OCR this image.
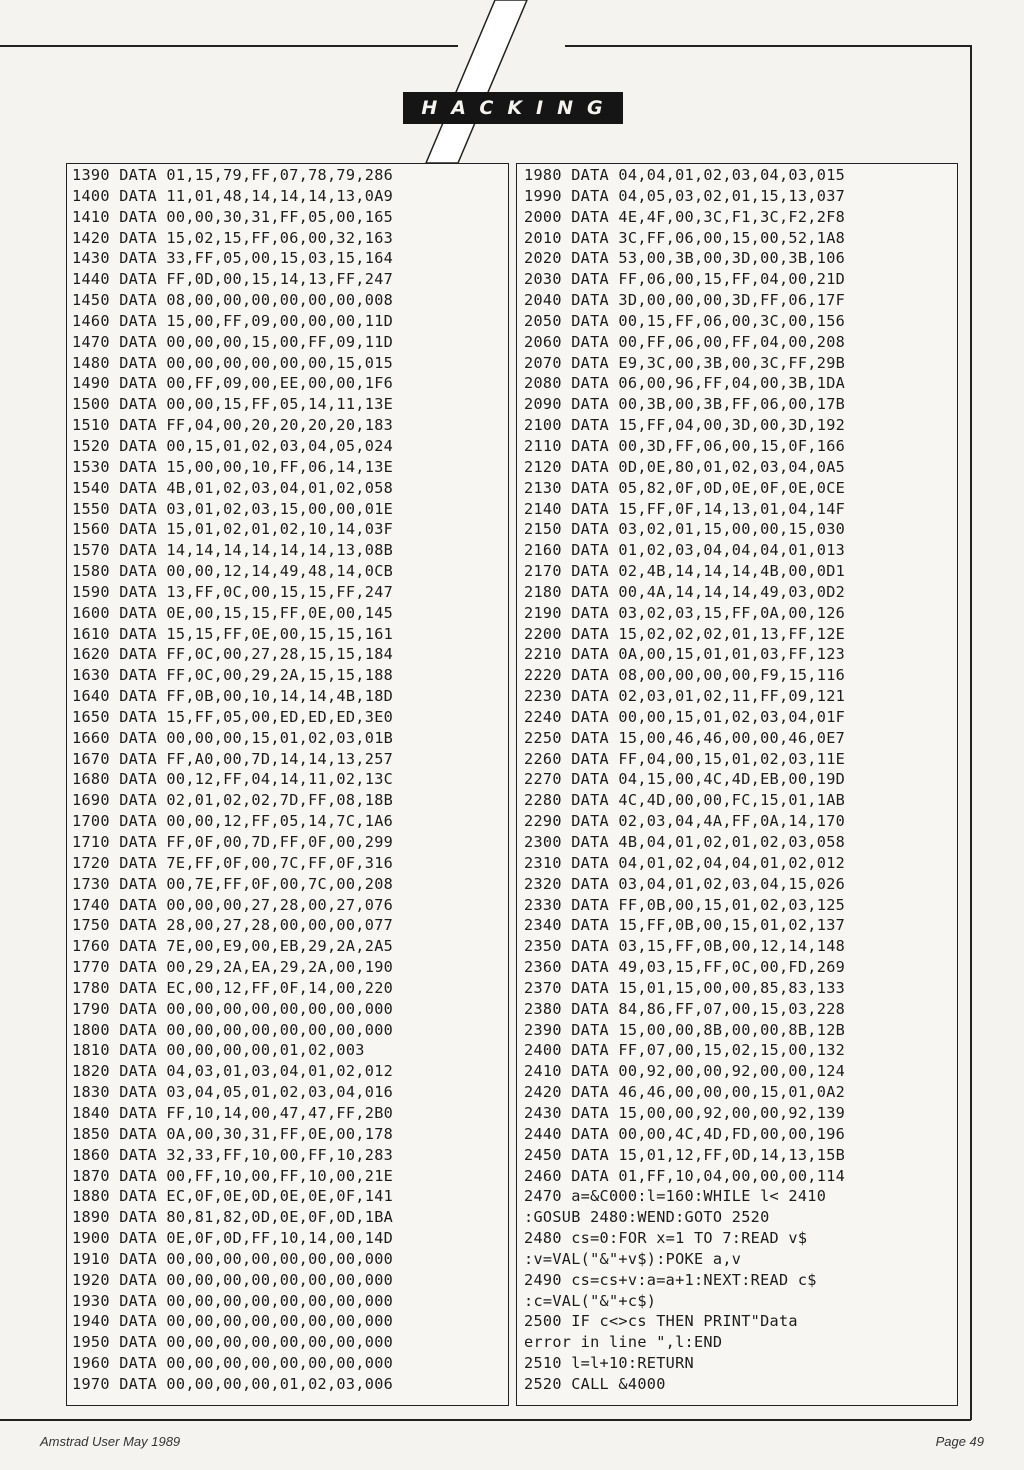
HACKING
1390 DATA 01,15,79,FF,07,78,79,286
1400 DATA 11,01,48,14,14,14,13,0A9
1410 DATA 00,00,30,31,FF,05,00,165
1420 DATA 15,02,15,FF,06,00,32,163
1430 DATA 33,FF,05,00,15,03,15,164
1440 DATA FF,0D,00,15,14,13,FF,247
1450 DATA 08,00,00,00,00,00,00,008
1460 DATA 15,00,FF,09,00,00,00,11D
1470 DATA 00,00,00,15,00,FF,09,11D
1480 DATA 00,00,00,00,00,00,15,015
1490 DATA 00,FF,09,00,EE,00,00,1F6
1500 DATA 00,00,15,FF,05,14,11,13E
1510 DATA FF,04,00,20,20,20,20,183
1520 DATA 00,15,01,02,03,04,05,024
1530 DATA 15,00,00,10,FF,06,14,13E
1540 DATA 4B,01,02,03,04,01,02,058
1550 DATA 03,01,02,03,15,00,00,01E
1560 DATA 15,01,02,01,02,10,14,03F
1570 DATA 14,14,14,14,14,14,13,08B
1580 DATA 00,00,12,14,49,48,14,0CB
1590 DATA 13,FF,0C,00,15,15,FF,247
1600 DATA 0E,00,15,15,FF,0E,00,145
1610 DATA 15,15,FF,0E,00,15,15,161
1620 DATA FF,0C,00,27,28,15,15,184
1630 DATA FF,0C,00,29,2A,15,15,188
1640 DATA FF,0B,00,10,14,14,4B,18D
1650 DATA 15,FF,05,00,ED,ED,ED,3E0
1660 DATA 00,00,00,15,01,02,03,01B
1670 DATA FF,A0,00,7D,14,14,13,257
1680 DATA 00,12,FF,04,14,11,02,13C
1690 DATA 02,01,02,02,7D,FF,08,18B
1700 DATA 00,00,12,FF,05,14,7C,1A6
1710 DATA FF,0F,00,7D,FF,0F,00,299
1720 DATA 7E,FF,0F,00,7C,FF,0F,316
1730 DATA 00,7E,FF,0F,00,7C,00,208
1740 DATA 00,00,00,27,28,00,27,076
1750 DATA 28,00,27,28,00,00,00,077
1760 DATA 7E,00,E9,00,EB,29,2A,2A5
1770 DATA 00,29,2A,EA,29,2A,00,190
1780 DATA EC,00,12,FF,0F,14,00,220
1790 DATA 00,00,00,00,00,00,00,000
1800 DATA 00,00,00,00,00,00,00,000
1810 DATA 00,00,00,00,01,02,003
1820 DATA 04,03,01,03,04,01,02,012
1830 DATA 03,04,05,01,02,03,04,016
1840 DATA FF,10,14,00,47,47,FF,2B0
1850 DATA 0A,00,30,31,FF,0E,00,178
1860 DATA 32,33,FF,10,00,FF,10,283
1870 DATA 00,FF,10,00,FF,10,00,21E
1880 DATA EC,0F,0E,0D,0E,0E,0F,141
1890 DATA 80,81,82,0D,0E,0F,0D,1BA
1900 DATA 0E,0F,0D,FF,10,14,00,14D
1910 DATA 00,00,00,00,00,00,00,000
1920 DATA 00,00,00,00,00,00,00,000
1930 DATA 00,00,00,00,00,00,00,000
1940 DATA 00,00,00,00,00,00,00,000
1950 DATA 00,00,00,00,00,00,00,000
1960 DATA 00,00,00,00,00,00,00,000
1970 DATA 00,00,00,00,01,02,03,006
1980 DATA 04,04,01,02,03,04,03,015
1990 DATA 04,05,03,02,01,15,13,037
2000 DATA 4E,4F,00,3C,F1,3C,F2,2F8
2010 DATA 3C,FF,06,00,15,00,52,1A8
2020 DATA 53,00,3B,00,3D,00,3B,106
2030 DATA FF,06,00,15,FF,04,00,21D
2040 DATA 3D,00,00,00,3D,FF,06,17F
2050 DATA 00,15,FF,06,00,3C,00,156
2060 DATA 00,FF,06,00,FF,04,00,208
2070 DATA E9,3C,00,3B,00,3C,FF,29B
2080 DATA 06,00,96,FF,04,00,3B,1DA
2090 DATA 00,3B,00,3B,FF,06,00,17B
2100 DATA 15,FF,04,00,3D,00,3D,192
2110 DATA 00,3D,FF,06,00,15,0F,166
2120 DATA 0D,0E,80,01,02,03,04,0A5
2130 DATA 05,82,0F,0D,0E,0F,0E,0CE
2140 DATA 15,FF,0F,14,13,01,04,14F
2150 DATA 03,02,01,15,00,00,15,030
2160 DATA 01,02,03,04,04,04,01,013
2170 DATA 02,4B,14,14,14,4B,00,0D1
2180 DATA 00,4A,14,14,14,49,03,0D2
2190 DATA 03,02,03,15,FF,0A,00,126
2200 DATA 15,02,02,02,01,13,FF,12E
2210 DATA 0A,00,15,01,01,03,FF,123
2220 DATA 08,00,00,00,00,F9,15,116
2230 DATA 02,03,01,02,11,FF,09,121
2240 DATA 00,00,15,01,02,03,04,01F
2250 DATA 15,00,46,46,00,00,46,0E7
2260 DATA FF,04,00,15,01,02,03,11E
2270 DATA 04,15,00,4C,4D,EB,00,19D
2280 DATA 4C,4D,00,00,FC,15,01,1AB
2290 DATA 02,03,04,4A,FF,0A,14,170
2300 DATA 4B,04,01,02,01,02,03,058
2310 DATA 04,01,02,04,04,01,02,012
2320 DATA 03,04,01,02,03,04,15,026
2330 DATA FF,0B,00,15,01,02,03,125
2340 DATA 15,FF,0B,00,15,01,02,137
2350 DATA 03,15,FF,0B,00,12,14,148
2360 DATA 49,03,15,FF,0C,00,FD,269
2370 DATA 15,01,15,00,00,85,83,133
2380 DATA 84,86,FF,07,00,15,03,228
2390 DATA 15,00,00,8B,00,00,8B,12B
2400 DATA FF,07,00,15,02,15,00,132
2410 DATA 00,92,00,00,92,00,00,124
2420 DATA 46,46,00,00,00,15,01,0A2
2430 DATA 15,00,00,92,00,00,92,139
2440 DATA 00,00,4C,4D,FD,00,00,196
2450 DATA 15,01,12,FF,0D,14,13,15B
2460 DATA 01,FF,10,04,00,00,00,114
2470 a=&C000:l=160:WHILE l< 2410
:GOSUB 2480:WEND:GOTO 2520
2480 cs=0:FOR x=1 TO 7:READ v$
:v=VAL("&"+v$):POKE a,v
2490 cs=cs+v:a=a+1:NEXT:READ c$
:c=VAL("&"+c$)
2500 IF c<>cs THEN PRINT"Data
error in line ",l:END
2510 l=l+10:RETURN
2520 CALL &4000
Amstrad User May 1989	Page 49
